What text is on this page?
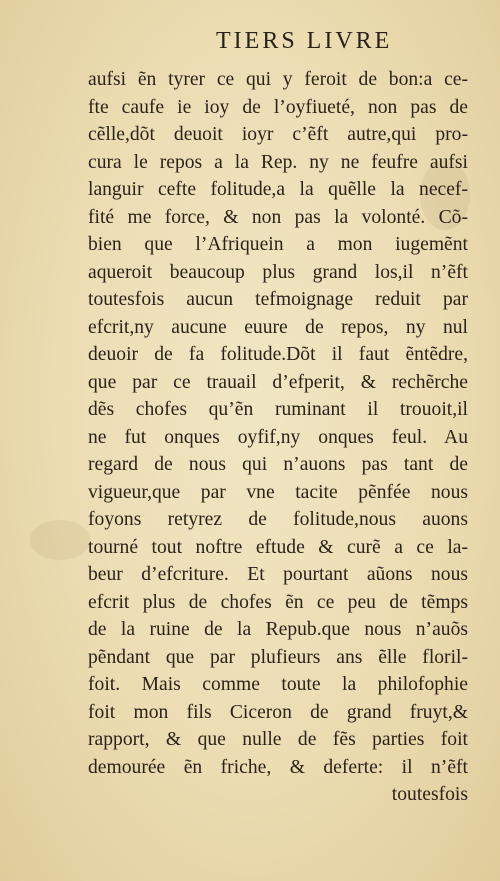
TIERS LIVRE
aufsi ẽn tyrer ce qui y feroit de bon:a ce-
fte caufe ie ioy de l’oyfiueté, non pas de
cẽlle,dõt deuoit ioyr c’ẽft autre,qui pro-
cura le repos a la Rep. ny ne feufre aufsi
languir cefte folitude,a la quẽlle la necef-
fité me force, & non pas la volonté. Cõ-
bien que l’Afriquein a mon iugemẽnt
aqueroit beaucoup plus grand los,il n’ẽft
toutesfois aucun tefmoignage reduit par
efcrit,ny aucune euure de repos, ny nul
deuoir de fa folitude.Dõt il faut ẽntẽdre,
que par ce trauail d’efperit, & rechẽrche
dẽs chofes qu’ẽn ruminant il trouoit,il
ne fut onques oyfif,ny onques feul. Au
regard de nous qui n’auons pas tant de
vigueur,que par vne tacite pẽnfée nous
foyons retyrez de folitude,nous auons
tourné tout noftre eftude & curẽ a ce la-
beur d’efcriture. Et pourtant aũons nous
efcrit plus de chofes ẽn ce peu de tẽmps
de la ruine de la Repub.que nous n’auõs
pẽndant que par plufieurs ans ẽlle floril-
foit. Mais comme toute la philofophie
foit mon fils Ciceron de grand fruyt,&
rapport, & que nulle de fẽs parties foit
demourée ẽn friche, & deferte: il n’ẽft
toutesfois
